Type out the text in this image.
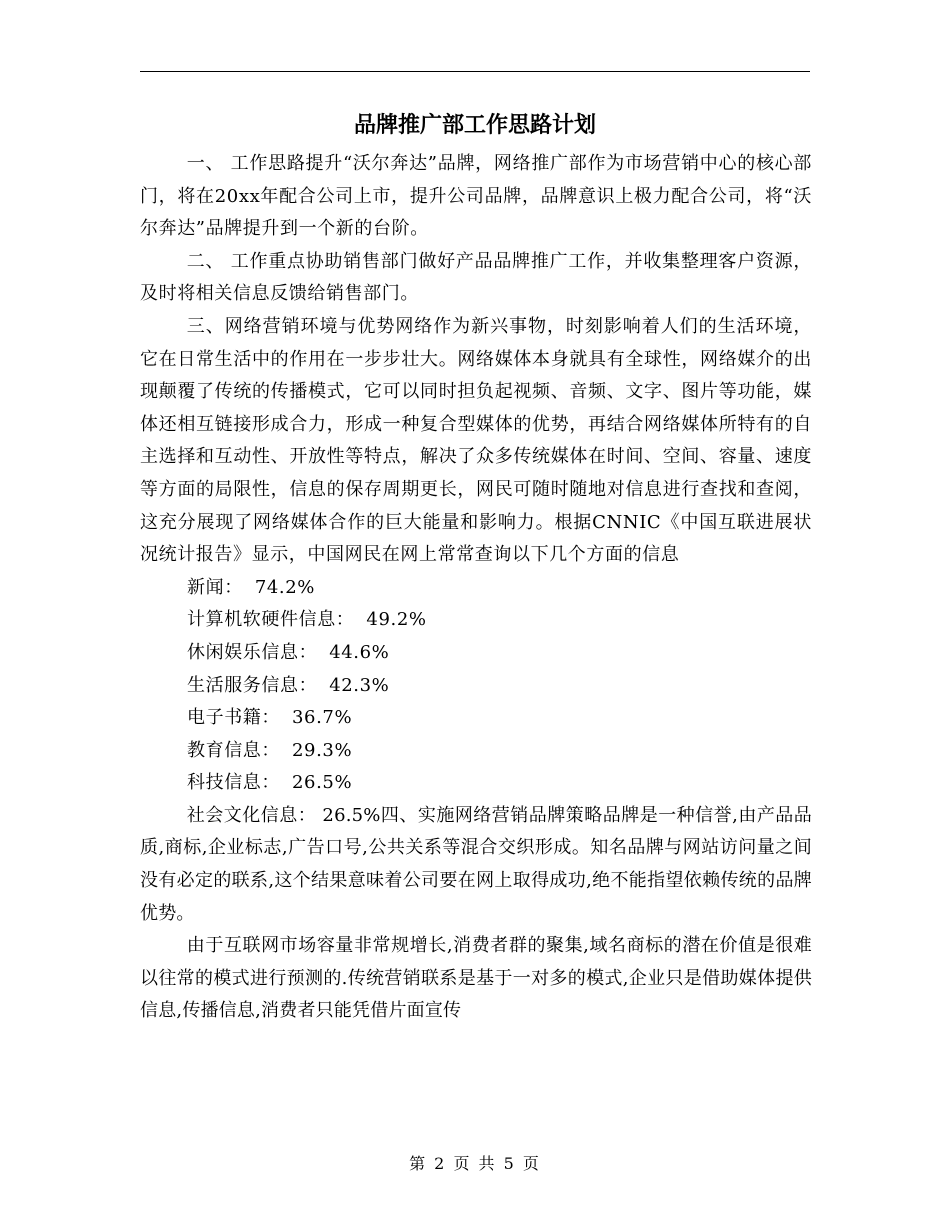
品牌推广部工作思路计划

一、 工作思路提升“沃尔奔达”品牌，网络推广部作为市场营销中心的核心部门，将在20xx年配合公司上市，提升公司品牌，品牌意识上极力配合公司，将“沃尔奔达”品牌提升到一个新的台阶。

二、 工作重点协助销售部门做好产品品牌推广工作，并收集整理客户资源，及时将相关信息反馈给销售部门。

三、网络营销环境与优势网络作为新兴事物，时刻影响着人们的生活环境，它在日常生活中的作用在一步步壮大。网络媒体本身就具有全球性，网络媒介的出现颠覆了传统的传播模式，它可以同时担负起视频、音频、文字、图片等功能，媒体还相互链接形成合力，形成一种复合型媒体的优势，再结合网络媒体所特有的自主选择和互动性、开放性等特点，解决了众多传统媒体在时间、空间、容量、速度等方面的局限性，信息的保存周期更长，网民可随时随地对信息进行查找和查阅，这充分展现了网络媒体合作的巨大能量和影响力。根据CNNIC《中国互联进展状况统计报告》显示，中国网民在网上常常查询以下几个方面的信息

新闻： 74.2%

计算机软硬件信息： 49.2%

休闲娱乐信息： 44.6%

生活服务信息： 42.3%

电子书籍： 36.7%

教育信息： 29.3%

科技信息： 26.5%

社会文化信息： 26.5%四、实施网络营销品牌策略品牌是一种信誉,由产品品质,商标,企业标志,广告口号,公共关系等混合交织形成。知名品牌与网站访问量之间没有必定的联系,这个结果意味着公司要在网上取得成功,绝不能指望依赖传统的品牌优势。

由于互联网市场容量非常规增长,消费者群的聚集,域名商标的潜在价值是很难以往常的模式进行预测的.传统营销联系是基于一对多的模式,企业只是借助媒体提供信息,传播信息,消费者只能凭借片面宣传

第 2 页 共 5 页
